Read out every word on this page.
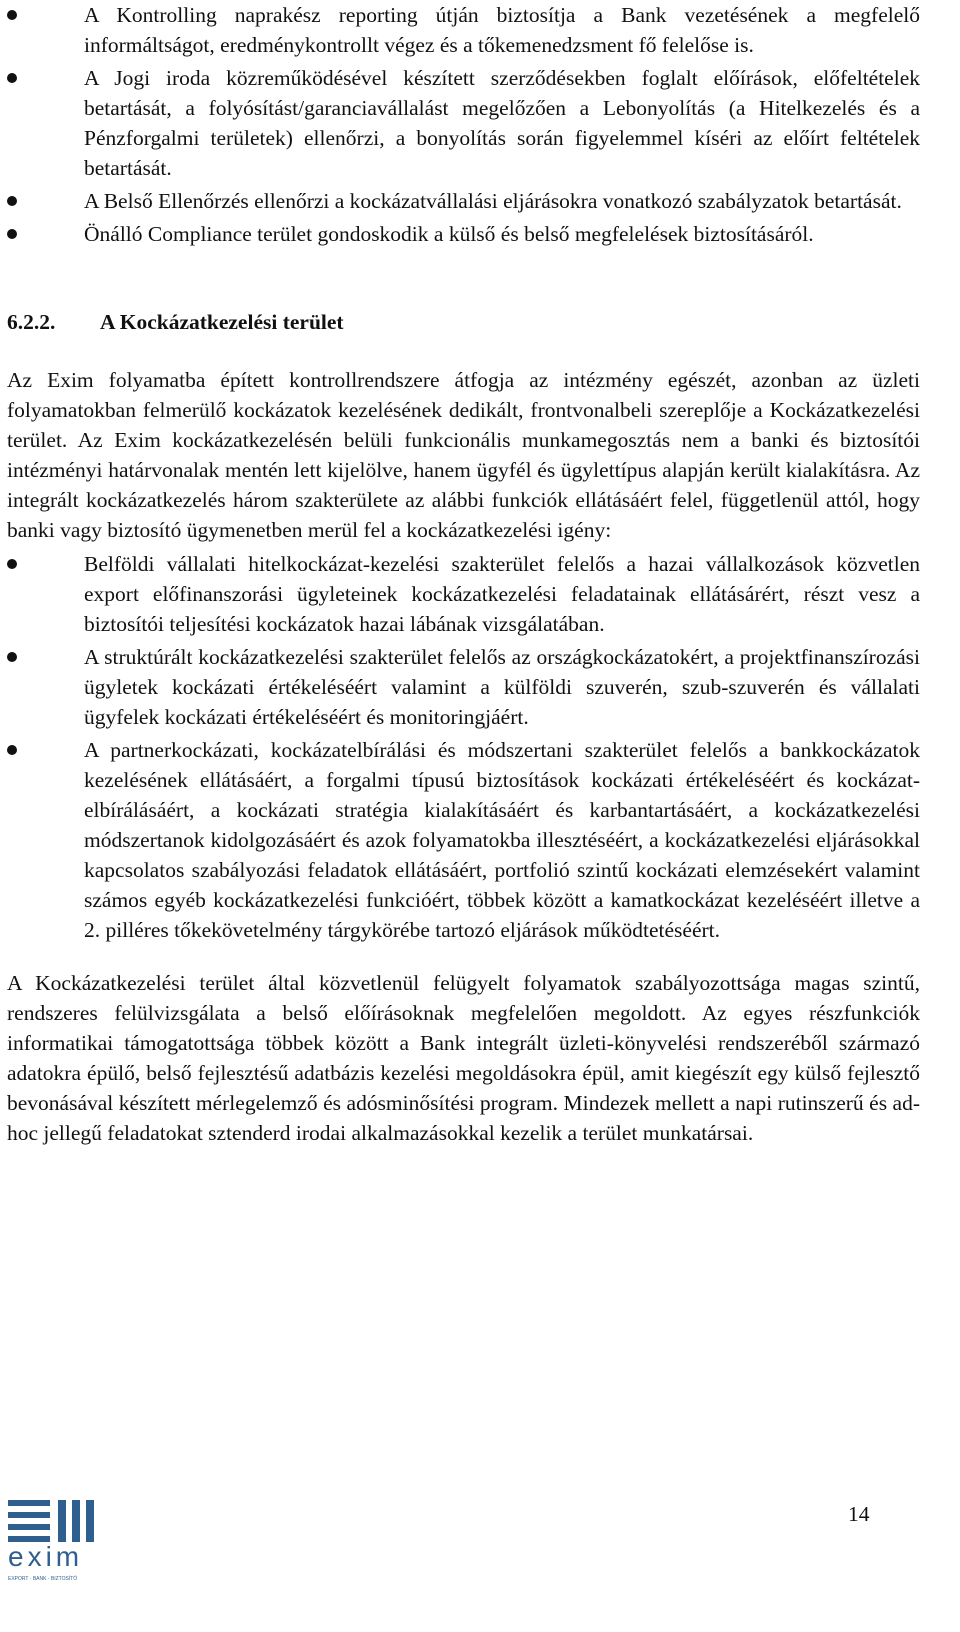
A Kontrolling naprakész reporting útján biztosítja a Bank vezetésének a megfelelő informáltságot, eredménykontrollt végez és a tőkemenedzsment fő felelőse is.
A Jogi iroda közreműködésével készített szerződésekben foglalt előírások, előfeltételek betartását, a folyósítást/garanciavállalást megelőzően a Lebonyolítás (a Hitelkezelés és a Pénzforgalmi területek) ellenőrzi, a bonyolítás során figyelemmel kíséri az előírt feltételek betartását.
A Belső Ellenőrzés ellenőrzi a kockázatvállalási eljárásokra vonatkozó szabályzatok betartását.
Önálló Compliance terület gondoskodik a külső és belső megfelelések biztosításáról.
6.2.2.	A Kockázatkezelési terület

Az Exim folyamatba épített kontrollrendszere átfogja az intézmény egészét, azonban az üzleti folyamatokban felmerülő kockázatok kezelésének dedikált, frontvonalbeli szereplője a Kockázatkezelési terület. Az Exim kockázatkezelésén belüli funkcionális munkamegosztás nem a banki és biztosítói intézményi határvonalak mentén lett kijelölve, hanem ügyfél és ügylettípus alapján került kialakításra. Az integrált kockázatkezelés három szakterülete az alábbi funkciók ellátásáért felel, függetlenül attól, hogy banki vagy biztosító ügymenetben merül fel a kockázatkezelési igény:

Belföldi vállalati hitelkockázat-kezelési szakterület felelős a hazai vállalkozások közvetlen export előfinanszorási ügyleteinek kockázatkezelési feladatainak ellátásárért, részt vesz a biztosítói teljesítési kockázatok hazai lábának vizsgálatában.
A struktúrált kockázatkezelési szakterület felelős az országkockázatokért, a projektfinanszírozási ügyletek kockázati értékeléséért valamint a külföldi szuverén, szub-szuverén és vállalati ügyfelek kockázati értékeléséért és monitoringjáért.
A partnerkockázati, kockázatelbírálási és módszertani szakterület felelős a bankkockázatok kezelésének ellátásáért, a forgalmi típusú biztosítások kockázati értékeléséért és kockázat-elbírálásáért, a kockázati stratégia kialakításáért és karbantartásáért, a kockázatkezelési módszertanok kidolgozásáért és azok folyamatokba illesztéséért, a kockázatkezelési eljárásokkal kapcsolatos szabályozási feladatok ellátásáért, portfolió szintű kockázati elemzésekért valamint számos egyéb kockázatkezelési funkcióért, többek között a kamatkockázat kezeléséért illetve a 2. pilléres tőkekövetelmény tárgykörébe tartozó eljárások működtetéséért.

A Kockázatkezelési terület által közvetlenül felügyelt folyamatok szabályozottsága magas szintű, rendszeres felülvizsgálata a belső előírásoknak megfelelően megoldott. Az egyes részfunkciók informatikai támogatottsága többek között a Bank integrált üzleti-könyvelési rendszeréből származó adatokra épülő, belső fejlesztésű adatbázis kezelési megoldásokra épül, amit kiegészít egy külső fejlesztő bevonásával készített mérlegelemző és adósminősítési program. Mindezek mellett a napi rutinszerű és ad-hoc jellegű feladatokat sztenderd irodai alkalmazásokkal kezelik a terület munkatársai.

exim
EXPORT · BANK · BIZTOSÍTÓ
14
